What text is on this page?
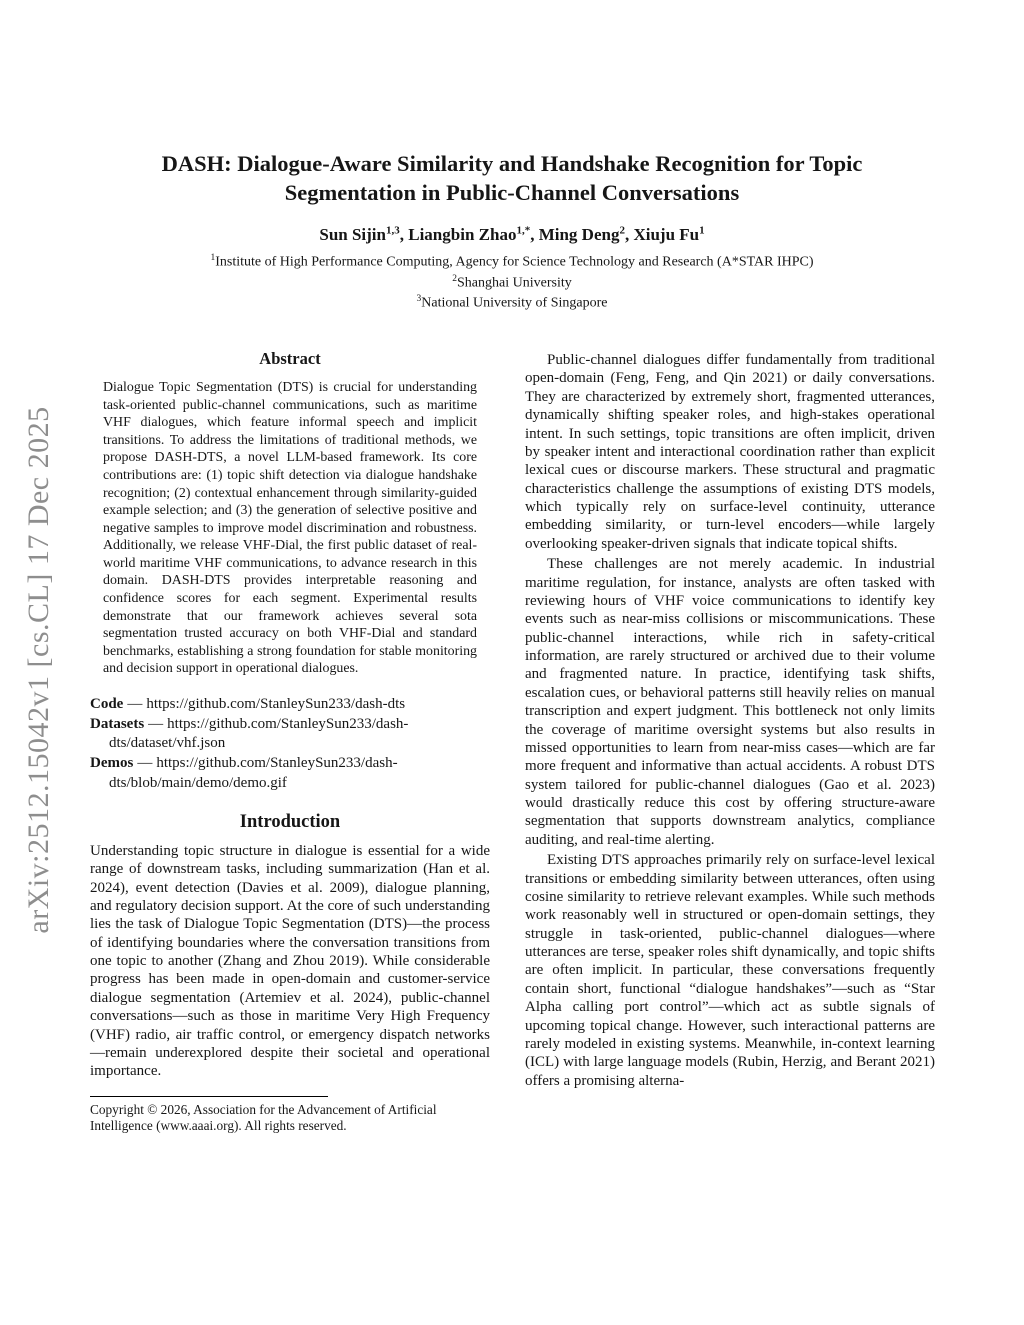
arXiv:2512.15042v1 [cs.CL] 17 Dec 2025
DASH: Dialogue-Aware Similarity and Handshake Recognition for Topic
Segmentation in Public-Channel Conversations
Sun Sijin$^{1,3}$, Liangbin Zhao$^{1,*}$, Ming Deng$^2$, Xiuju Fu$^1$
$^1$Institute of High Performance Computing, Agency for Science Technology and Research (A*STAR IHPC)
$^2$Shanghai University
$^3$National University of Singapore
Abstract

Dialogue Topic Segmentation (DTS) is crucial for understanding task-oriented public-channel communications, such as maritime VHF dialogues, which feature informal speech and implicit transitions. To address the limitations of traditional methods, we propose DASH-DTS, a novel LLM-based framework. Its core contributions are: (1) topic shift detection via dialogue handshake recognition; (2) contextual enhancement through similarity-guided example selection; and (3) the generation of selective positive and negative samples to improve model discrimination and robustness. Additionally, we release VHF-Dial, the first public dataset of real-world maritime VHF communications, to advance research in this domain. DASH-DTS provides interpretable reasoning and confidence scores for each segment. Experimental results demonstrate that our framework achieves several sota segmentation trusted accuracy on both VHF-Dial and standard benchmarks, establishing a strong foundation for stable monitoring and decision support in operational dialogues.

Code — https://github.com/StanleySun233/dash-dts
Datasets — https://github.com/StanleySun233/dash-dts/dataset/vhf.json
Demos — https://github.com/StanleySun233/dash-dts/blob/main/demo/demo.gif
Introduction

Understanding topic structure in dialogue is essential for a wide range of downstream tasks, including summarization (Han et al. 2024), event detection (Davies et al. 2009), dialogue planning, and regulatory decision support. At the core of such understanding lies the task of Dialogue Topic Segmentation (DTS)—the process of identifying boundaries where the conversation transitions from one topic to another (Zhang and Zhou 2019). While considerable progress has been made in open-domain and customer-service dialogue segmentation (Artemiev et al. 2024), public-channel conversations—such as those in maritime Very High Frequency (VHF) radio, air traffic control, or emergency dispatch networks—remain underexplored despite their societal and operational importance.

Copyright © 2026, Association for the Advancement of Artificial Intelligence (www.aaai.org). All rights reserved.

Public-channel dialogues differ fundamentally from traditional open-domain (Feng, Feng, and Qin 2021) or daily conversations. They are characterized by extremely short, fragmented utterances, dynamically shifting speaker roles, and high-stakes operational intent. In such settings, topic transitions are often implicit, driven by speaker intent and interactional coordination rather than explicit lexical cues or discourse markers. These structural and pragmatic characteristics challenge the assumptions of existing DTS models, which typically rely on surface-level continuity, utterance embedding similarity, or turn-level encoders—while largely overlooking speaker-driven signals that indicate topical shifts.

These challenges are not merely academic. In industrial maritime regulation, for instance, analysts are often tasked with reviewing hours of VHF voice communications to identify key events such as near-miss collisions or miscommunications. These public-channel interactions, while rich in safety-critical information, are rarely structured or archived due to their volume and fragmented nature. In practice, identifying task shifts, escalation cues, or behavioral patterns still heavily relies on manual transcription and expert judgment. This bottleneck not only limits the coverage of maritime oversight systems but also results in missed opportunities to learn from near-miss cases—which are far more frequent and informative than actual accidents. A robust DTS system tailored for public-channel dialogues (Gao et al. 2023) would drastically reduce this cost by offering structure-aware segmentation that supports downstream analytics, compliance auditing, and real-time alerting.

Existing DTS approaches primarily rely on surface-level lexical transitions or embedding similarity between utterances, often using cosine similarity to retrieve relevant examples. While such methods work reasonably well in structured or open-domain settings, they struggle in task-oriented, public-channel dialogues—where utterances are terse, speaker roles shift dynamically, and topic shifts are often implicit. In particular, these conversations frequently contain short, functional “dialogue handshakes”—such as “Star Alpha calling port control”—which act as subtle signals of upcoming topical change. However, such interactional patterns are rarely modeled in existing systems. Meanwhile, in-context learning (ICL) with large language models (Rubin, Herzig, and Berant 2021) offers a promising alterna-
